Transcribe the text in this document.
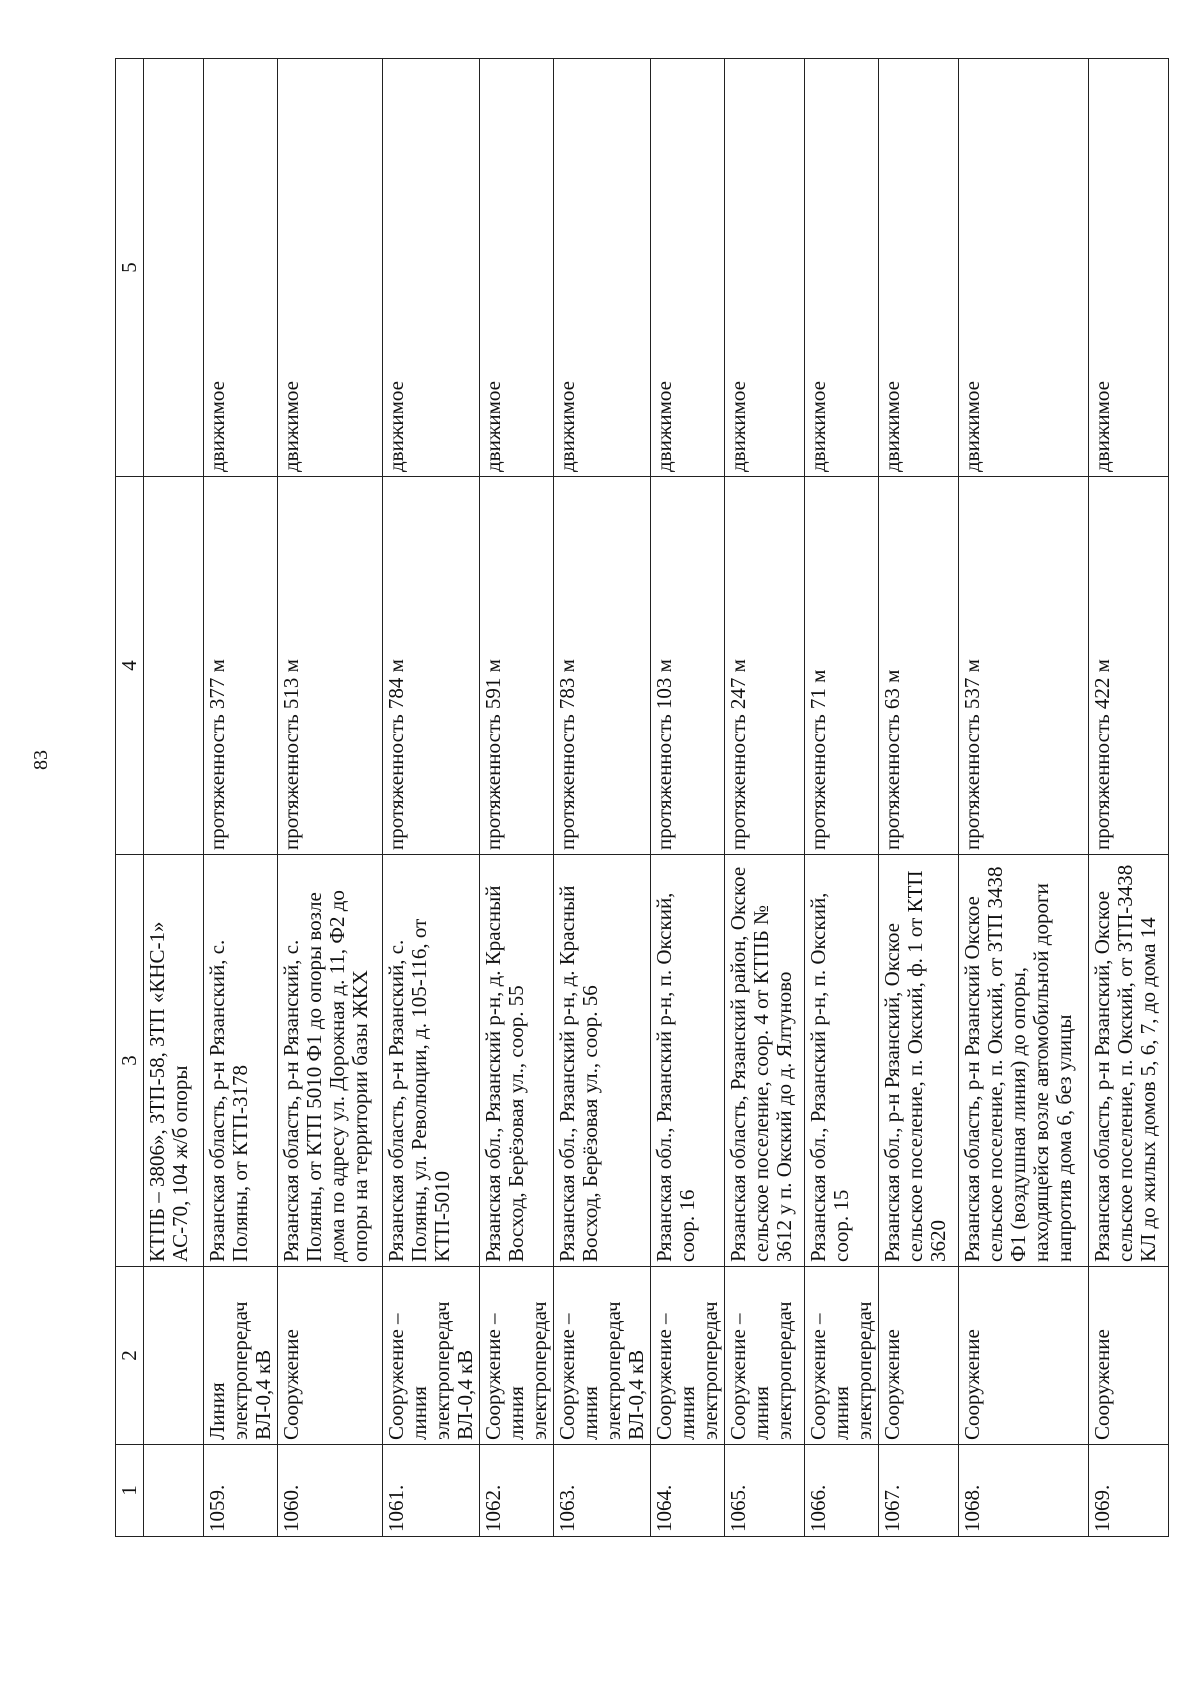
83
1	2	3	4	5
		КТПБ – 3806», ЗТП-58, ЗТП «КНС-1» АС-70, 104 ж/б опоры		
1059.	Линия электропередач ВЛ-0,4 кВ	Рязанская область, р-н Рязанский, с. Поляны, от КТП-3178	протяженность 377 м	движимое
1060.	Сооружение	Рязанская область, р-н Рязанский, с. Поляны, от КТП 5010 Ф1 до опоры возле дома по адресу ул. Дорожная д. 11, Ф2 до опоры на территории базы ЖКХ	протяженность 513 м	движимое
1061.	Сооружение – линия электропередач ВЛ-0,4 кВ	Рязанская область, р-н Рязанский, с. Поляны, ул. Революции, д. 105-116, от КТП-5010	протяженность 784 м	движимое
1062.	Сооружение – линия электропередач	Рязанская обл., Рязанский р-н, д. Красный Восход, Берёзовая ул., соор. 55	протяженность 591 м	движимое
1063.	Сооружение – линия электропередач ВЛ-0,4 кВ	Рязанская обл., Рязанский р-н, д. Красный Восход, Берёзовая ул., соор. 56	протяженность 783 м	движимое
1064.	Сооружение – линия электропередач	Рязанская обл., Рязанский р-н, п. Окский, соор. 16	протяженность 103 м	движимое
1065.	Сооружение – линия электропередач	Рязанская область, Рязанский район, Окское сельское поселение, соор. 4 от КТПБ № 3612 у п. Окский до д. Ялтуново	протяженность 247 м	движимое
1066.	Сооружение – линия электропередач	Рязанская обл., Рязанский р-н, п. Окский, соор. 15	протяженность 71 м	движимое
1067.	Сооружение	Рязанская обл., р-н Рязанский, Окское сельское поселение, п. Окский, ф. 1 от КТП 3620	протяженность 63 м	движимое
1068.	Сооружение	Рязанская область, р-н Рязанский Окское сельское поселение, п. Окский, от ЗТП 3438 Ф1 (воздушная линия) до опоры, находящейся возле автомобильной дороги напротив дома 6, без улицы	протяженность 537 м	движимое
1069.	Сооружение	Рязанская область, р-н Рязанский, Окское сельское поселение, п. Окский, от ЗТП-3438 КЛ до жилых домов 5, 6, 7, до дома 14	протяженность 422 м	движимое
